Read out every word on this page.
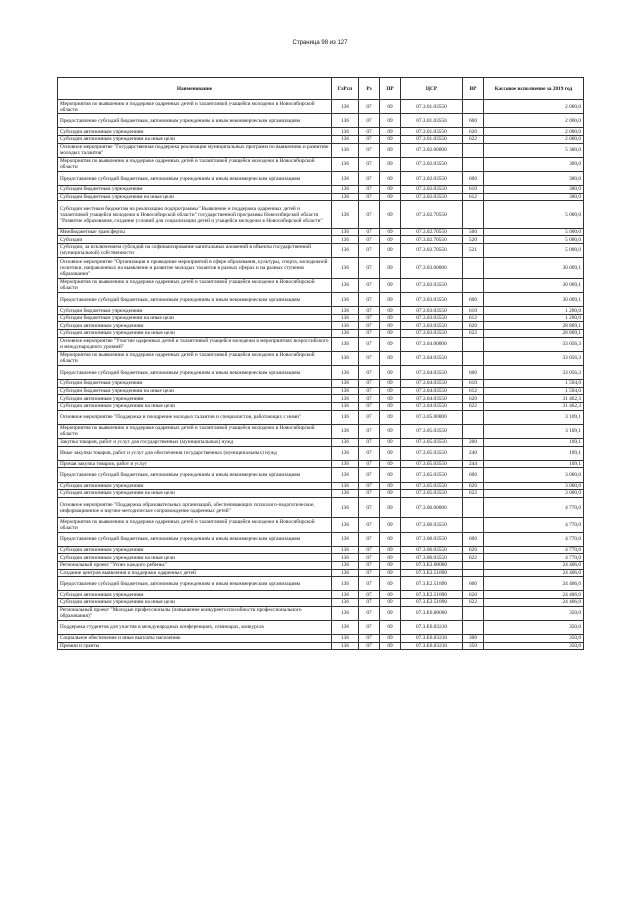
Страница 98 из 127
Наименование	ГлРсп	Рз	ПР	ЦСР	ВР	Кассовое исполнение за 2019 год
Мероприятия по выявлению и поддержке одаренных детей и талантливой учащейся молодежи в Новосибирской области	136	07	09	07.3.01.03550		2 000,0
Предоставление субсидий бюджетным, автономным учреждениям и иным некоммерческим организациям	136	07	09	07.3.01.03550	600	2 000,0
Субсидии автономным учреждениям	136	07	09	07.3.01.03550	620	2 000,0
Субсидии автономным учреждениям на иные цели	136	07	09	07.3.01.03550	622	2 000,0
Основное мероприятие "Государственная поддержка реализации муниципальных программ по выявлению и развитию молодых талантов"	136	07	09	07.3.02.00000		5 300,0
Мероприятия по выявлению и поддержке одаренных детей и талантливой учащейся молодежи в Новосибирской области	136	07	09	07.3.02.03550		300,0
Предоставление субсидий бюджетным, автономным учреждениям и иным некоммерческим организациям	136	07	09	07.3.02.03550	600	300,0
Субсидии бюджетным учреждениям	136	07	09	07.3.02.03550	610	300,0
Субсидии бюджетным учреждениям на иные цели	136	07	09	07.3.02.03550	612	300,0
Субсидии местным бюджетам на реализацию подпрограммы "Выявление и поддержка одаренных детей и талантливой учащейся молодежи в Новосибирской области" государственной программы Новосибирской области "Развитие образования, создание условий для социализации детей и учащейся молодежи в Новосибирской области"	136	07	09	07.3.02.70550		5 000,0
Межбюджетные трансферты	136	07	09	07.3.02.70550	500	5 000,0
Субсидии	136	07	09	07.3.02.70550	520	5 000,0
Субсидии, за исключением субсидий на софинансирование капитальных вложений в объекты государственной (муниципальной) собственности	136	07	09	07.3.02.70550	521	5 000,0
Основное мероприятие "Организация и проведение мероприятий в сфере образования, культуры, спорта, молодежной политики, направленных на выявление и развитие молодых талантов в разных сферах и на разных ступенях образования"	136	07	09	07.3.03.00000		30 009,1
Мероприятия по выявлению и поддержке одаренных детей и талантливой учащейся молодежи в Новосибирской области	136	07	09	07.3.03.03550		30 009,1
Предоставление субсидий бюджетным, автономным учреждениям и иным некоммерческим организациям	136	07	09	07.3.03.03550	600	30 009,1
Субсидии бюджетным учреждениям	136	07	09	07.3.03.03550	610	1 200,0
Субсидии бюджетным учреждениям на иные цели	136	07	09	07.3.03.03550	612	1 200,0
Субсидии автономным учреждениям	136	07	09	07.3.03.03550	620	28 809,1
Субсидии автономным учреждениям на иные цели	136	07	09	07.3.03.03550	622	28 809,1
Основное мероприятие "Участие одаренных детей и талантливой учащейся молодежи в мероприятиях всероссийского и международного уровней"	136	07	09	07.3.04.00000		33 056,3
Мероприятия по выявлению и поддержке одаренных детей и талантливой учащейся молодежи в Новосибирской области	136	07	09	07.3.04.03550		33 056,3
Предоставление субсидий бюджетным, автономным учреждениям и иным некоммерческим организациям	136	07	09	07.3.04.03550	600	33 056,3
Субсидии бюджетным учреждениям	136	07	09	07.3.04.03550	610	1 594,0
Субсидии бюджетным учреждениям на иные цели	136	07	09	07.3.04.03550	612	1 594,0
Субсидии автономным учреждениям	136	07	09	07.3.04.03550	620	31 462,3
Субсидии автономным учреждениям на иные цели	136	07	09	07.3.04.03550	622	31 462,3
Основное мероприятие "Поддержка и поощрение молодых талантов и специалистов, работающих с ними"	136	07	09	07.3.05.00000		3 109,1
Мероприятия по выявлению и поддержке одаренных детей и талантливой учащейся молодежи в Новосибирской области	136	07	09	07.3.05.03550		3 109,1
Закупка товаров, работ и услуг для государственных (муниципальных) нужд	136	07	09	07.3.05.03550	200	109,1
Иные закупки товаров, работ и услуг для обеспечения государственных (муниципальных) нужд	136	07	09	07.3.05.03550	240	109,1
Прочая закупка товаров, работ и услуг	136	07	09	07.3.05.03550	244	109,1
Предоставление субсидий бюджетным, автономным учреждениям и иным некоммерческим организациям	136	07	09	07.3.05.03550	600	3 000,0
Субсидии автономным учреждениям	136	07	09	07.3.05.03550	620	3 000,0
Субсидии автономным учреждениям на иные цели	136	07	09	07.3.05.03550	622	3 000,0
Основное мероприятие "Поддержка образовательных организаций, обеспечивающих психолого-педагогическое, информационное и научно-методическое сопровождение одаренных детей"	136	07	09	07.3.06.00000		4 770,0
Мероприятия по выявлению и поддержке одаренных детей и талантливой учащейся молодежи в Новосибирской области	136	07	09	07.3.06.03550		4 770,0
Предоставление субсидий бюджетным, автономным учреждениям и иным некоммерческим организациям	136	07	09	07.3.06.03550	600	4 770,0
Субсидии автономным учреждениям	136	07	09	07.3.06.03550	620	4 770,0
Субсидии автономным учреждениям на иные цели	136	07	09	07.3.06.03550	622	4 770,0
Региональный проект "Успех каждого ребенка"	136	07	09	07.3.E2.00000		24 406,0
Создание центров выявления и поддержки одаренных детей	136	07	09	07.3.E2.51890		24 406,0
Предоставление субсидий бюджетным, автономным учреждениям и иным некоммерческим организациям	136	07	09	07.3.E2.51890	600	24 406,0
Субсидии автономным учреждениям	136	07	09	07.3.E2.51890	620	24 406,0
Субсидии автономным учреждениям на иные цели	136	07	09	07.3.E2.51890	622	24 406,0
Региональный проект "Молодые профессионалы (повышение конкурентоспособности профессионального образования)"	136	07	09	07.3.E6.00000		350,0
Поддержка студентов для участия в международных конференциях, семинарах, конкурсах	136	07	09	07.3.E6.03210		350,0
Социальное обеспечение и иные выплаты населению	136	07	09	07.3.E6.03210	300	350,0
Премии и гранты	136	07	09	07.3.E6.03210	350	350,0
